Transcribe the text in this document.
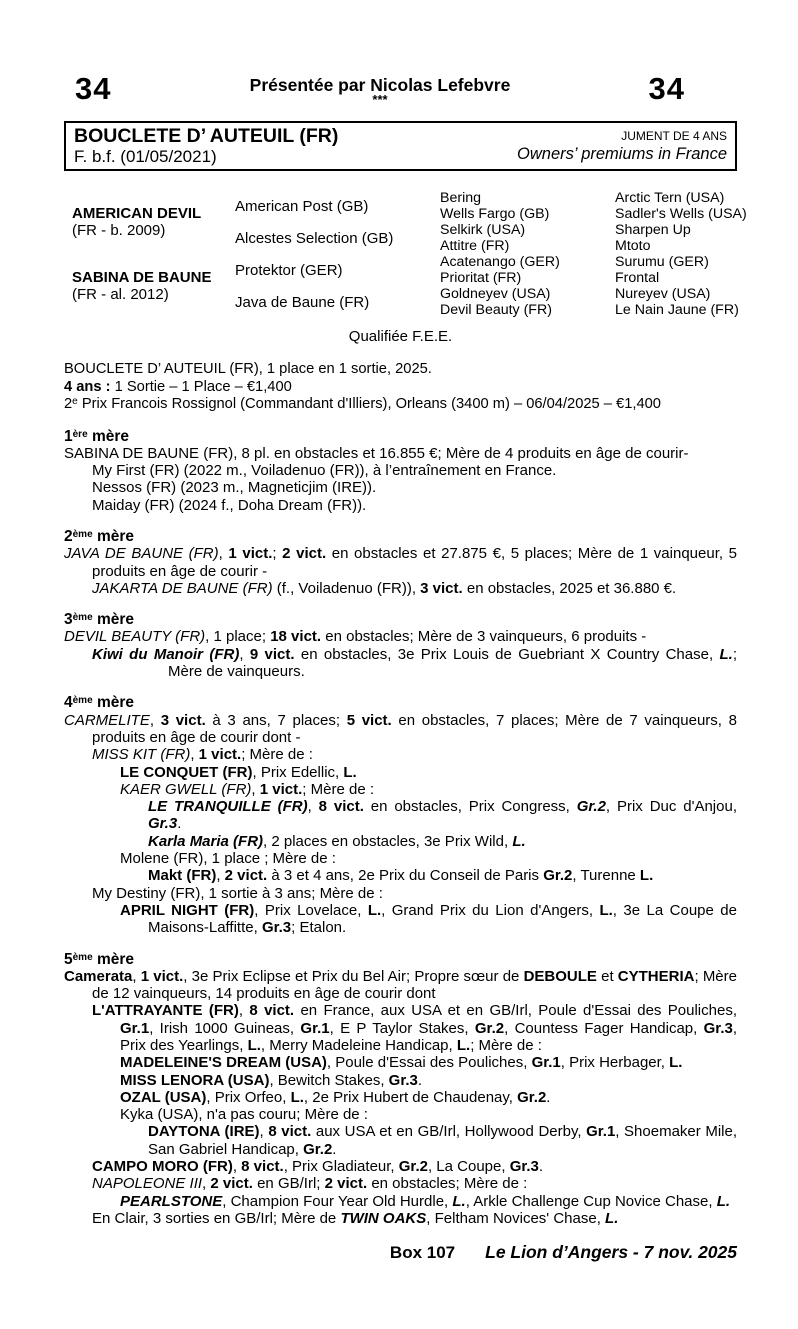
34	Présentée par Nicolas Lefebvre
***	34
BOUCLETE D’ AUTEUIL (FR)
F. b.f. (01/05/2021)
JUMENT DE 4 ANS
Owners’ premiums in France
AMERICAN DEVIL
(FR - b. 2009)
SABINA DE BAUNE
(FR - al. 2012)
American Post (GB)
Alcestes Selection (GB)
Protektor (GER)
Java de Baune (FR)
Bering
Wells Fargo (GB)
Selkirk (USA)
Attitre (FR)
Acatenango (GER)
Prioritat (FR)
Goldneyev (USA)
Devil Beauty (FR)
Arctic Tern (USA)
Sadler's Wells (USA)
Sharpen Up
Mtoto
Surumu (GER)
Frontal
Nureyev (USA)
Le Nain Jaune (FR)
Qualifiée F.E.E.
BOUCLETE D’ AUTEUIL (FR), 1 place en 1 sortie, 2025.
4 ans : 1 Sortie – 1 Place – €1,400
2e Prix Francois Rossignol (Commandant d'Illiers), Orleans (3400 m) – 06/04/2025 – €1,400
1ère mère

SABINA DE BAUNE (FR), 8 pl. en obstacles et 16.855 €; Mère de 4 produits en âge de courir-

My First (FR) (2022 m., Voiladenuo (FR)), à l’entraînement en France.

Nessos (FR) (2023 m., Magneticjim (IRE)).

Maiday (FR) (2024 f., Doha Dream (FR)).

2ème mère

JAVA DE BAUNE (FR), 1 vict.; 2 vict. en obstacles et 27.875 €, 5 places; Mère de 1 vainqueur, 5 produits en âge de courir -

JAKARTA DE BAUNE (FR) (f., Voiladenuo (FR)), 3 vict. en obstacles, 2025 et 36.880 €.

3ème mère

DEVIL BEAUTY (FR), 1 place; 18 vict. en obstacles; Mère de 3 vainqueurs, 6 produits -

Kiwi du Manoir (FR), 9 vict. en obstacles, 3e Prix Louis de Guebriant X Country Chase, L.; Mère de vainqueurs.

4ème mère

CARMELITE, 3 vict. à 3 ans, 7 places; 5 vict. en obstacles, 7 places; Mère de 7 vainqueurs, 8 produits en âge de courir dont -

MISS KIT (FR), 1 vict.; Mère de :

LE CONQUET (FR), Prix Edellic, L.

KAER GWELL (FR), 1 vict.; Mère de :

LE TRANQUILLE (FR), 8 vict. en obstacles, Prix Congress, Gr.2, Prix Duc d'Anjou, Gr.3.

Karla Maria (FR), 2 places en obstacles, 3e Prix Wild, L.

Molene (FR), 1 place ; Mère de :

Makt (FR), 2 vict. à 3 et 4 ans, 2e Prix du Conseil de Paris Gr.2, Turenne L.

My Destiny (FR), 1 sortie à 3 ans; Mère de :

APRIL NIGHT (FR), Prix Lovelace, L., Grand Prix du Lion d'Angers, L., 3e La Coupe de Maisons-Laffitte, Gr.3; Etalon.

5ème mère

Camerata, 1 vict., 3e Prix Eclipse et Prix du Bel Air; Propre sœur de DEBOULE et CYTHERIA; Mère de 12 vainqueurs, 14 produits en âge de courir dont

L'ATTRAYANTE (FR), 8 vict. en France, aux USA et en GB/Irl, Poule d'Essai des Pouliches, Gr.1, Irish 1000 Guineas, Gr.1, E P Taylor Stakes, Gr.2, Countess Fager Handicap, Gr.3, Prix des Yearlings, L., Merry Madeleine Handicap, L.; Mère de :

MADELEINE'S DREAM (USA), Poule d'Essai des Pouliches, Gr.1, Prix Herbager, L.

MISS LENORA (USA), Bewitch Stakes, Gr.3.

OZAL (USA), Prix Orfeo, L., 2e Prix Hubert de Chaudenay, Gr.2.

Kyka (USA), n'a pas couru; Mère de :

DAYTONA (IRE), 8 vict. aux USA et en GB/Irl, Hollywood Derby, Gr.1, Shoemaker Mile, San Gabriel Handicap, Gr.2.

CAMPO MORO (FR), 8 vict., Prix Gladiateur, Gr.2, La Coupe, Gr.3.

NAPOLEONE III, 2 vict. en GB/Irl; 2 vict. en obstacles; Mère de :

PEARLSTONE, Champion Four Year Old Hurdle, L., Arkle Challenge Cup Novice Chase, L.

En Clair, 3 sorties en GB/Irl; Mère de TWIN OAKS, Feltham Novices' Chase, L.

Box 107 Le Lion d’Angers - 7 nov. 2025
